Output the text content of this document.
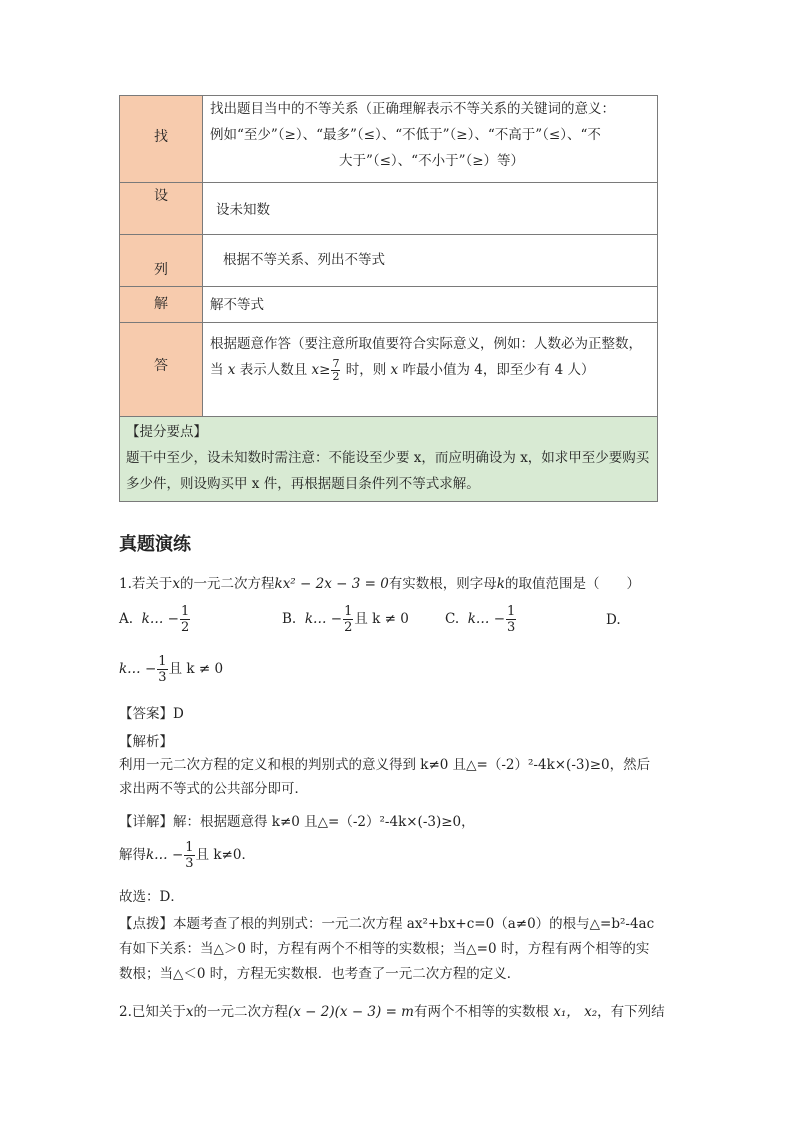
找	找出题目当中的不等关系（正确理解表示不等关系的关键词的意义：
例如“至少”（≥）、“最多”（≤）、“不低于”（≥）、“不高于”（≤）、“不
大于”（≤）、“不小于”（≥）等）

设	设未知数
列	根据不等关系、列出不等式
解	解不等式
答	根据题意作答（要注意所取值要符合实际意义，例如：人数必为正整数，
当 x 表示人数且 $x\ge \frac{7}{2}$ 时，则 x 咋最小值为 4，即至少有 4 人）

【提分要点】
题干中至少，设未知数时需注意：不能设至少要 x，而应明确设为 x，如求甲至少要购买多少件，则设购买甲 x 件，再根据题目条件列不等式求解。	
真题演练
1.若关于x的一元二次方程kx² − 2x − 3 = 0有实数根，则字母k的取值范围是（　　）
A. k… − $\frac{1}{2}$	B. k… − $\frac{1}{2}$ 且 k ≠ 0	C. k… − $\frac{1}{3}$	D.
k… − $\frac{1}{3}$ 且 k ≠ 0
【答案】D
【解析】
利用一元二次方程的定义和根的判别式的意义得到 k≠0 且△=（-2）²-4k×(-3)≥0，然后求出两不等式的公共部分即可．
【详解】解：根据题意得 k≠0 且△=（-2）²-4k×(-3)≥0，
解得k… − $\frac{1}{3}$ 且 k≠0．
故选：D．
【点拨】本题考查了根的判别式：一元二次方程 ax²+bx+c=0（a≠0）的根与△=b²-4ac 有如下关系：当△＞0 时，方程有两个不相等的实数根；当△=0 时，方程有两个相等的实数根；当△＜0 时，方程无实数根．也考查了一元二次方程的定义．
2.已知关于x的一元二次方程(x − 2)(x − 3) = m有两个不相等的实数根 x₁， x₂，有下列结
